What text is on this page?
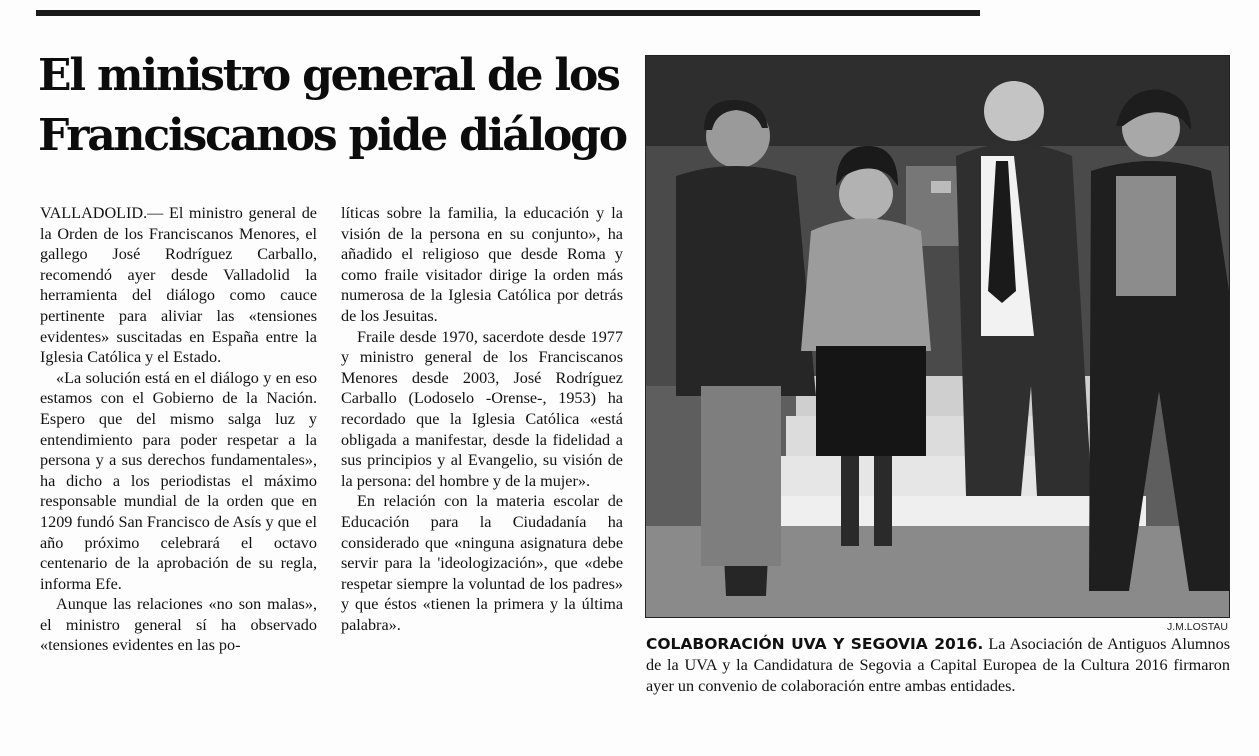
El ministro general de los
Franciscanos pide diálogo

VALLADOLID.— El ministro general de la Orden de los Franciscanos Menores, el gallego José Rodríguez Carballo, recomendó ayer desde Valladolid la herramienta del diálogo como cauce pertinente para aliviar las «tensiones evidentes» suscitadas en España entre la Iglesia Católica y el Estado.

«La solución está en el diálogo y en eso estamos con el Gobierno de la Nación. Espero que del mismo salga luz y entendimiento para poder respetar a la persona y a sus derechos fundamentales», ha dicho a los periodistas el máximo responsable mundial de la orden que en 1209 fundó San Francisco de Asís y que el año próximo celebrará el octavo centenario de la aprobación de su regla, informa Efe.

Aunque las relaciones «no son malas», el ministro general sí ha observado «tensiones evidentes en las po-

líticas sobre la familia, la educación y la visión de la persona en su conjunto», ha añadido el religioso que desde Roma y como fraile visitador dirige la orden más numerosa de la Iglesia Católica por detrás de los Jesuitas.

Fraile desde 1970, sacerdote desde 1977 y ministro general de los Franciscanos Menores desde 2003, José Rodríguez Carballo (Lodoselo -Orense-, 1953) ha recordado que la Iglesia Católica «está obligada a manifestar, desde la fidelidad a sus principios y al Evangelio, su visión de la persona: del hombre y de la mujer».

En relación con la materia escolar de Educación para la Ciudadanía ha considerado que «ninguna asignatura debe servir para la 'ideologización», que «debe respetar siempre la voluntad de los padres» y que éstos «tienen la primera y la última palabra».	J.M.LOSTAU

COLABORACIÓN UVA Y SEGOVIA 2016. La Asociación de Antiguos Alumnos de la UVA y la Candidatura de Segovia a Capital Europea de la Cultura 2016 firmaron ayer un convenio de colaboración entre ambas entidades.
